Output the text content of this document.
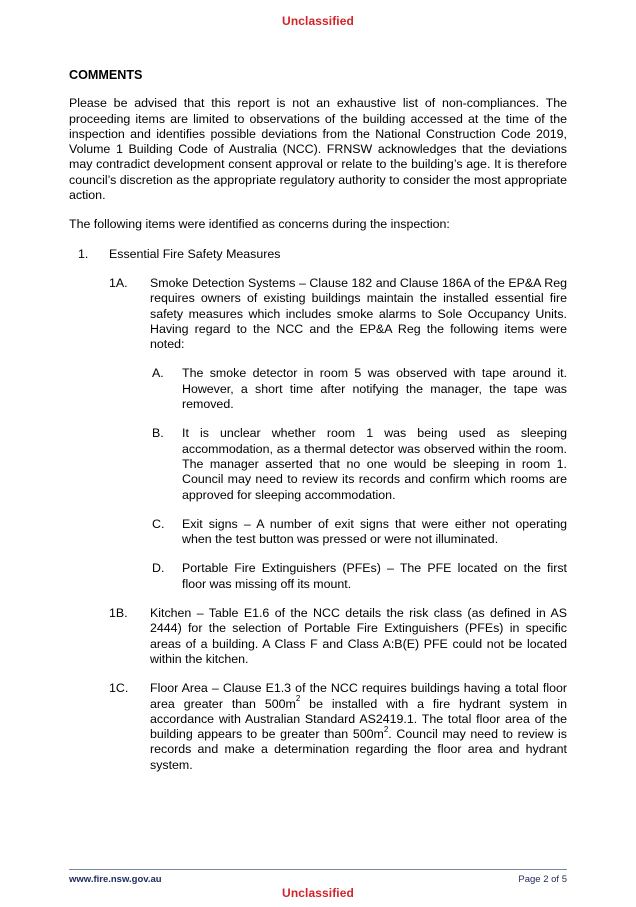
Unclassified
COMMENTS

Please be advised that this report is not an exhaustive list of non-compliances. The proceeding items are limited to observations of the building accessed at the time of the inspection and identifies possible deviations from the National Construction Code 2019, Volume 1 Building Code of Australia (NCC). FRNSW acknowledges that the deviations may contradict development consent approval or relate to the building’s age. It is therefore council’s discretion as the appropriate regulatory authority to consider the most appropriate action.

The following items were identified as concerns during the inspection:

1. Essential Fire Safety Measures
1A. Smoke Detection Systems – Clause 182 and Clause 186A of the EP&A Reg requires owners of existing buildings maintain the installed essential fire safety measures which includes smoke alarms to Sole Occupancy Units. Having regard to the NCC and the EP&A Reg the following items were noted:
A. The smoke detector in room 5 was observed with tape around it. However, a short time after notifying the manager, the tape was removed.
B. It is unclear whether room 1 was being used as sleeping accommodation, as a thermal detector was observed within the room. The manager asserted that no one would be sleeping in room 1. Council may need to review its records and confirm which rooms are approved for sleeping accommodation.
C. Exit signs – A number of exit signs that were either not operating when the test button was pressed or were not illuminated.
D. Portable Fire Extinguishers (PFEs) – The PFE located on the first floor was missing off its mount.
1B. Kitchen – Table E1.6 of the NCC details the risk class (as defined in AS 2444) for the selection of Portable Fire Extinguishers (PFEs) in specific areas of a building. A Class F and Class A:B(E) PFE could not be located within the kitchen.
1C. Floor Area – Clause E1.3 of the NCC requires buildings having a total floor area greater than $500m^2$ be installed with a fire hydrant system in accordance with Australian Standard AS2419.1. The total floor area of the building appears to be greater than $500m^2$. Council may need to review is records and make a determination regarding the floor area and hydrant system.
www.fire.nsw.gov.au	Page 2 of 5
Unclassified
